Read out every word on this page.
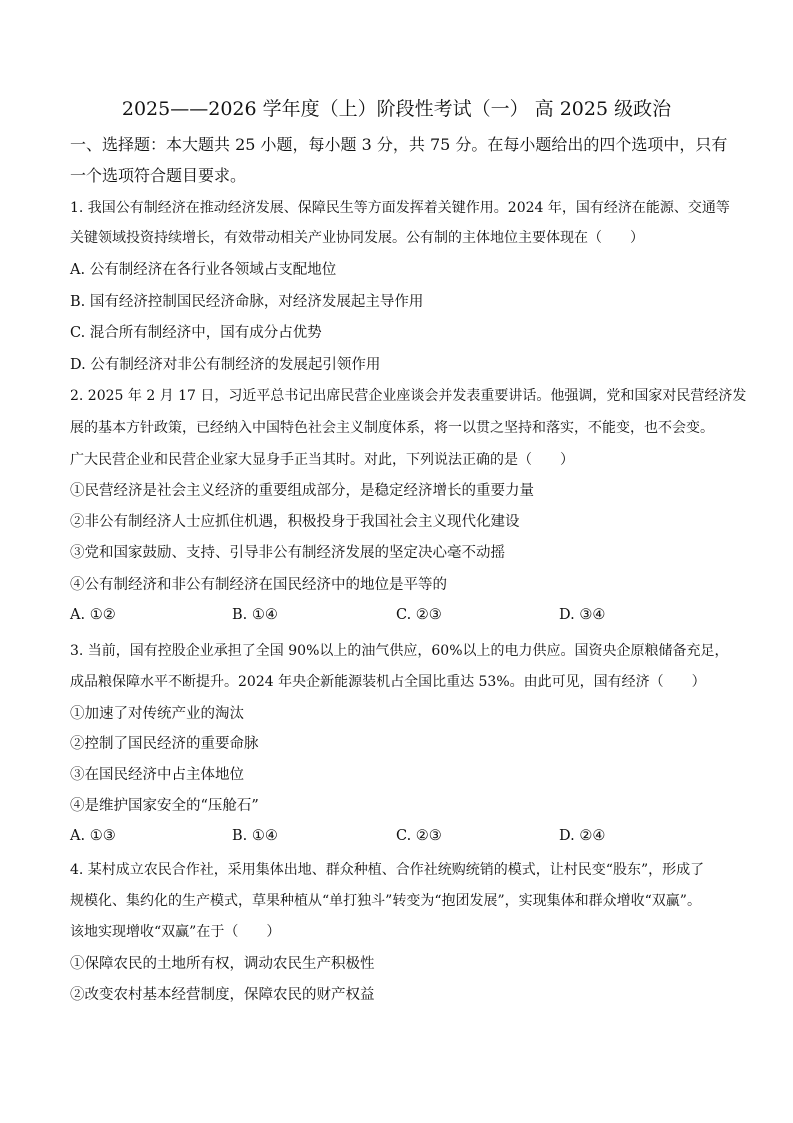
2025——2026 学年度（上）阶段性考试（一） 高 2025 级政治
一、选择题：本大题共 25 小题，每小题 3 分，共 75 分。在每小题给出的四个选项中，只有
一个选项符合题目要求。
1. 我国公有制经济在推动经济发展、保障民生等方面发挥着关键作用。2024 年，国有经济在能源、交通等
关键领域投资持续增长，有效带动相关产业协同发展。公有制的主体地位主要体现在（　　）
A. 公有制经济在各行业各领域占支配地位
B. 国有经济控制国民经济命脉，对经济发展起主导作用
C. 混合所有制经济中，国有成分占优势
D. 公有制经济对非公有制经济的发展起引领作用
2. 2025 年 2 月 17 日，习近平总书记出席民营企业座谈会并发表重要讲话。他强调，党和国家对民营经济发
展的基本方针政策，已经纳入中国特色社会主义制度体系，将一以贯之坚持和落实，不能变，也不会变。
广大民营企业和民营企业家大显身手正当其时。对此，下列说法正确的是（　　）
①民营经济是社会主义经济的重要组成部分，是稳定经济增长的重要力量
②非公有制经济人士应抓住机遇，积极投身于我国社会主义现代化建设
③党和国家鼓励、支持、引导非公有制经济发展的坚定决心毫不动摇
④公有制经济和非公有制经济在国民经济中的地位是平等的
A. ①②	B. ①④	C. ②③	D. ③④
3. 当前，国有控股企业承担了全国 90%以上的油气供应，60%以上的电力供应。国资央企原粮储备充足，
成品粮保障水平不断提升。2024 年央企新能源装机占全国比重达 53%。由此可见，国有经济（　　）
①加速了对传统产业的淘汰
②控制了国民经济的重要命脉
③在国民经济中占主体地位
④是维护国家安全的“压舱石”
A. ①③	B. ①④	C. ②③	D. ②④
4. 某村成立农民合作社，采用集体出地、群众种植、合作社统购统销的模式，让村民变“股东”，形成了
规模化、集约化的生产模式，草果种植从“单打独斗”转变为“抱团发展”，实现集体和群众增收“双赢”。
该地实现增收“双赢”在于（　　）
①保障农民的土地所有权，调动农民生产积极性
②改变农村基本经营制度，保障农民的财产权益
